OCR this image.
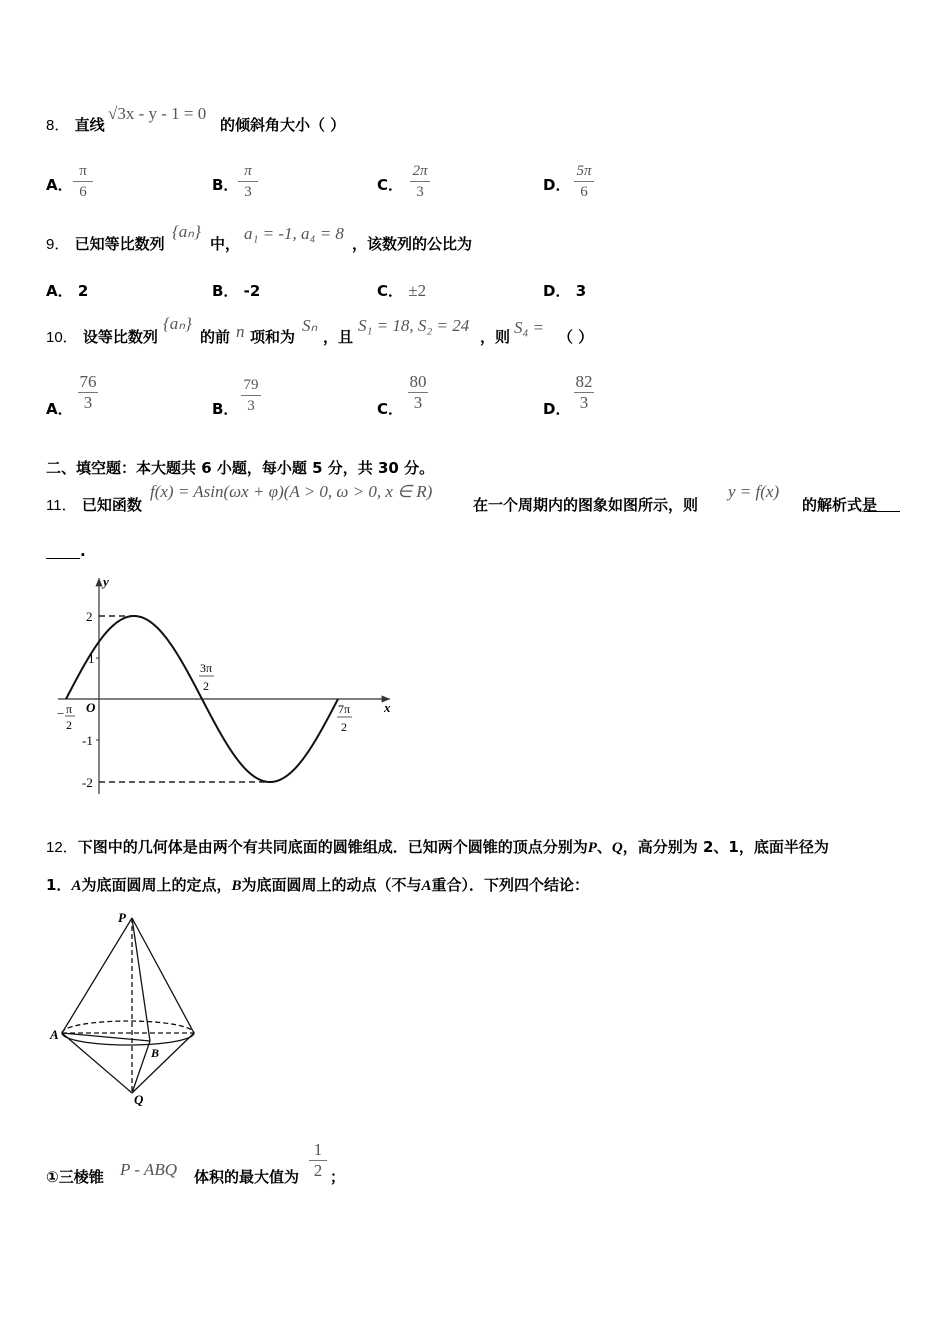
8． 直线
√3x - y - 1 = 0
的倾斜角大小（ ）
A．
π
6	B．
π
3	C．
2π
3	D．
5π
6
9． 已知等比数列
{aₙ}
中，
a₁ = -1, a₄ = 8
，该数列的公比为
A． 2	B． -2	C． ±2	D． 3
10． 设等比数列
{aₙ}
的前 n 项和为
Sₙ
，且
S₁ = 18, S₂ = 24
，则 S₄ = （ ）
A．
76
3	B．
79
3	C．
80
3	D．
82
3
二、填空题：本大题共 6 小题，每小题 5 分，共 30 分。
11． 已知函数
f(x) = Asin(ωx + φ)(A > 0, ω > 0, x ∈ R)
在一个周期内的图象如图所示，则
y = f(x)
的解析式是
.
y
x
O
2
1
-1
-2
− π
2
3π
2
7π
2
12．下图中的几何体是由两个有共同底面的圆锥组成．已知两个圆锥的顶点分别为P、Q，高分别为 2、1，底面半径为
1．A为底面圆周上的定点，B为底面圆周上的动点（不与A重合）．下列四个结论：
P
A
B
Q
①三棱锥 P - ABQ 体积的最大值为
1
2 ；
